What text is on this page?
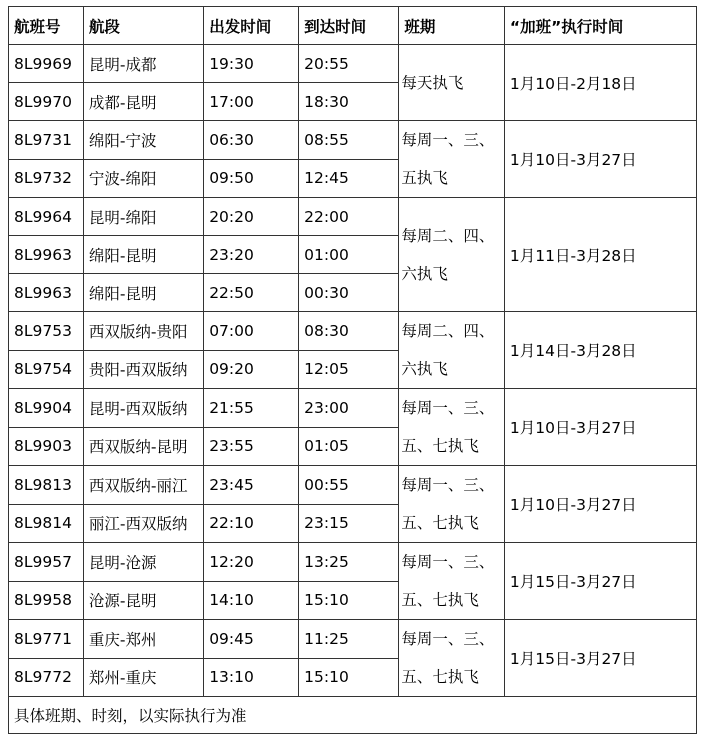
航班号	航段	出发时间	到达时间	班期	“加班”执行时间
8L9969	昆明-成都	19:30	20:55	每天执飞	1月10日-2月18日
8L9970	成都-昆明	17:00	18:30		
8L9731	绵阳-宁波	06:30	08:55	每周一、三、五执飞	1月10日-3月27日
8L9732	宁波-绵阳	09:50	12:45		
8L9964	昆明-绵阳	20:20	22:00	每周二、四、六执飞	1月11日-3月28日
8L9963	绵阳-昆明	23:20	01:00		
8L9963	绵阳-昆明	22:50	00:30		
8L9753	西双版纳-贵阳	07:00	08:30	每周二、四、六执飞	1月14日-3月28日
8L9754	贵阳-西双版纳	09:20	12:05		
8L9904	昆明-西双版纳	21:55	23:00	每周一、三、五、七执飞	1月10日-3月27日
8L9903	西双版纳-昆明	23:55	01:05		
8L9813	西双版纳-丽江	23:45	00:55	每周一、三、五、七执飞	1月10日-3月27日
8L9814	丽江-西双版纳	22:10	23:15		
8L9957	昆明-沧源	12:20	13:25	每周一、三、五、七执飞	1月15日-3月27日
8L9958	沧源-昆明	14:10	15:10		
8L9771	重庆-郑州	09:45	11:25	每周一、三、五、七执飞	1月15日-3月27日
8L9772	郑州-重庆	13:10	15:10		
具体班期、时刻，以实际执行为准					
